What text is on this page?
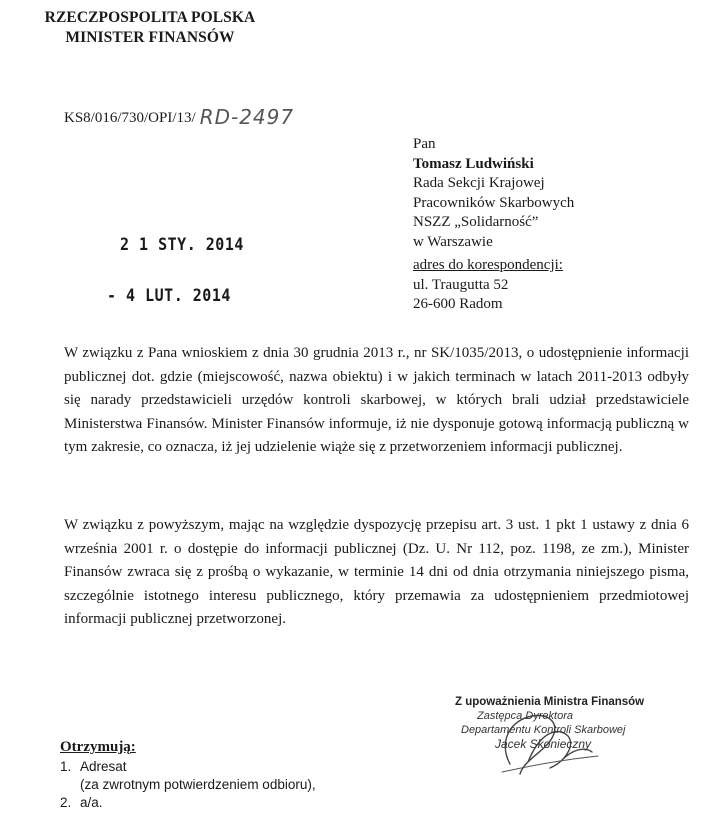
RZECZPOSPOLITA POLSKA
MINISTER FINANSÓW
KS8/016/730/OPI/13/ RD-2497
2 1 STY. 2014
- 4 LUT. 2014
Pan
Tomasz Ludwiński
Rada Sekcji Krajowej
Pracowników Skarbowych
NSZZ „Solidarność”
w Warszawie
adres do korespondencji:
ul. Traugutta 52
26-600 Radom
W związku z Pana wnioskiem z dnia 30 grudnia 2013 r., nr SK/1035/2013, o udostępnienie informacji publicznej dot. gdzie (miejscowość, nazwa obiektu) i w jakich terminach w latach 2011-2013 odbyły się narady przedstawicieli urzędów kontroli skarbowej, w których brali udział przedstawiciele Ministerstwa Finansów. Minister Finansów informuje, iż nie dysponuje gotową informacją publiczną w tym zakresie, co oznacza, iż jej udzielenie wiąże się z przetworzeniem informacji publicznej.
W związku z powyższym, mając na względzie dyspozycję przepisu art. 3 ust. 1 pkt 1 ustawy z dnia 6 września 2001 r. o dostępie do informacji publicznej (Dz. U. Nr 112, poz. 1198, ze zm.), Minister Finansów zwraca się z prośbą o wykazanie, w terminie 14 dni od dnia otrzymania niniejszego pisma, szczególnie istotnego interesu publicznego, który przemawia za udostępnieniem przedmiotowej informacji publicznej przetworzonej.
Z upoważnienia Ministra Finansów
Zastępca Dyrektora
Departamentu Kontroli Skarbowej
Jacek Skonieczny
Otrzymują:
1. Adresat
(za zwrotnym potwierdzeniem odbioru),
2. a/a.
